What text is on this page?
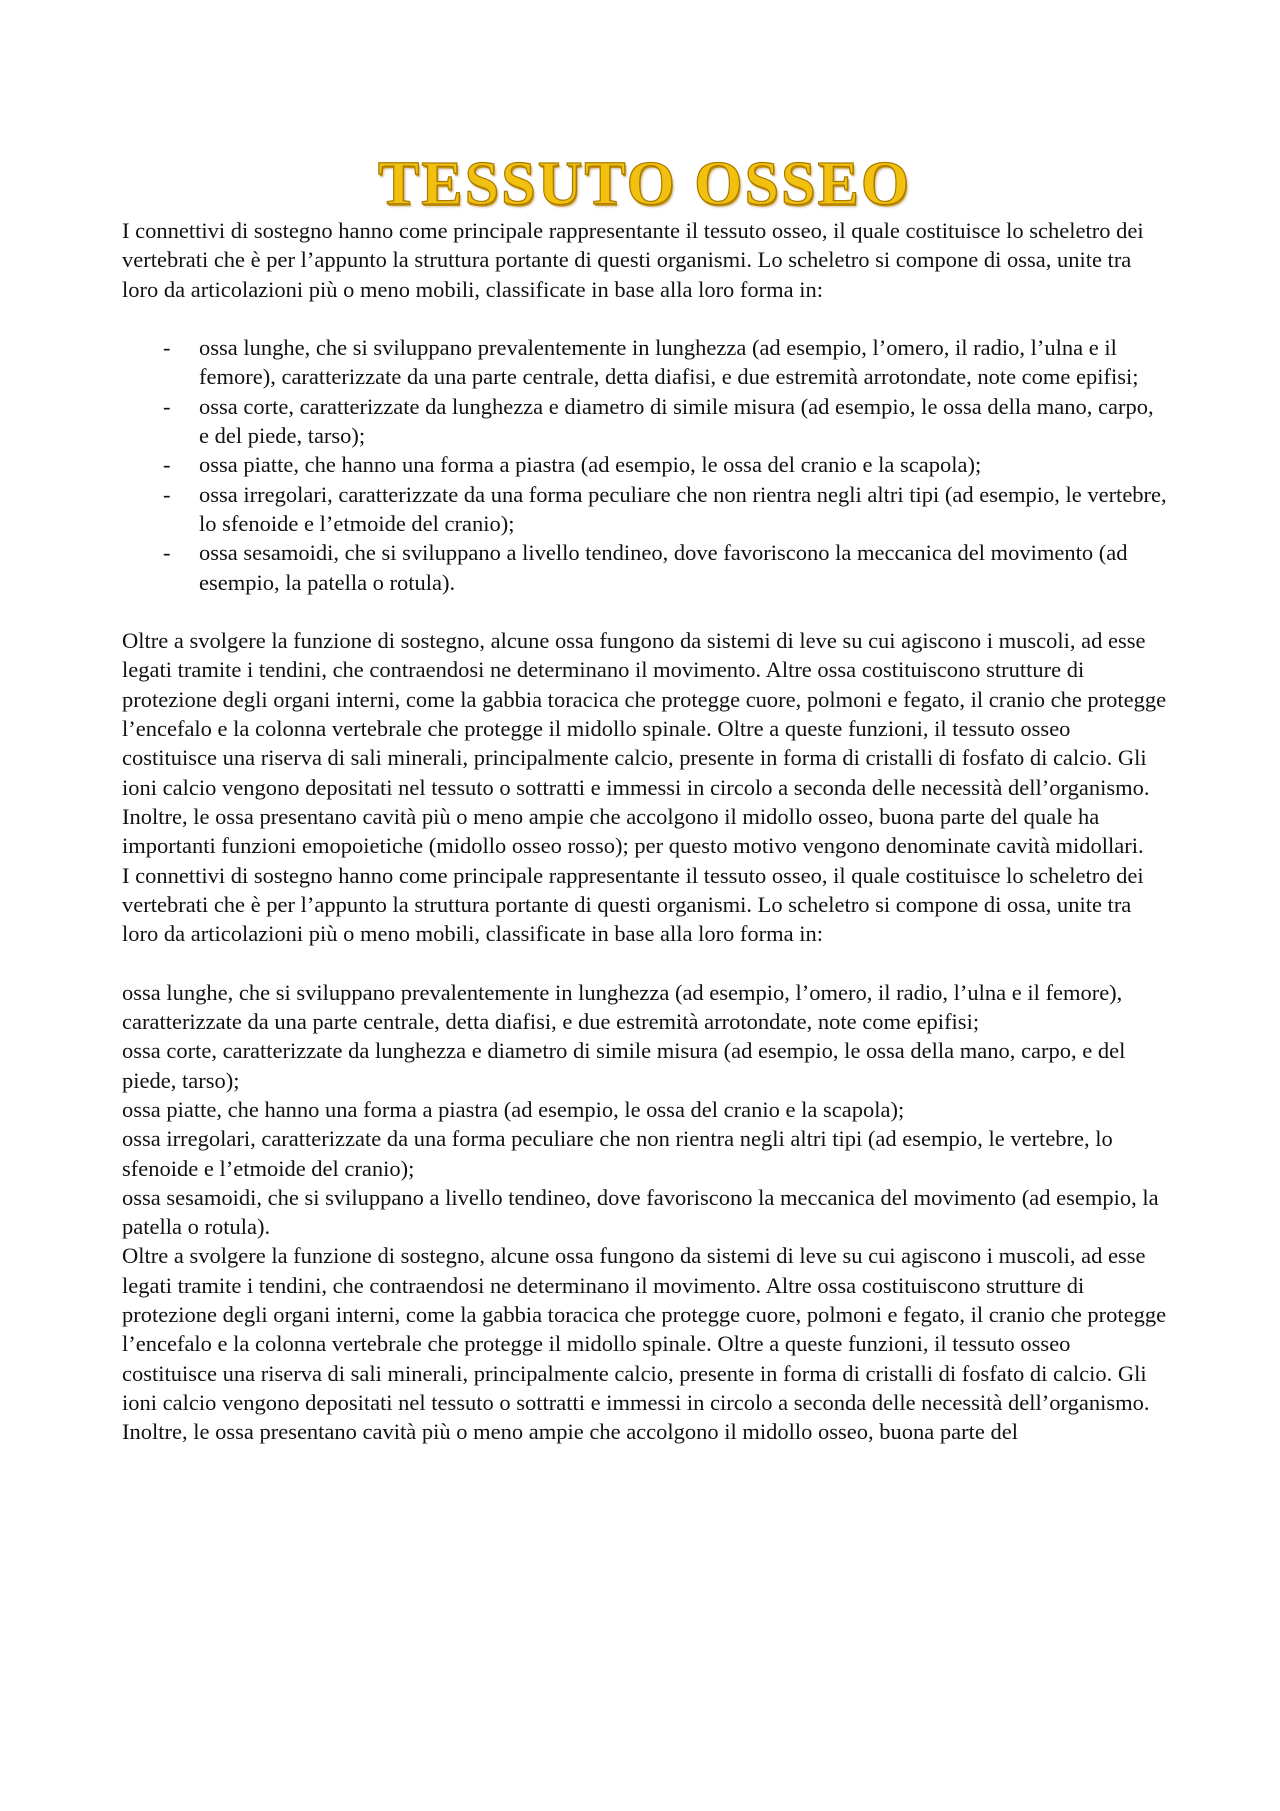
TESSUTO OSSEO

I connettivi di sostegno hanno come principale rappresentante il tessuto osseo, il quale costituisce lo scheletro dei vertebrati che è per l’appunto la struttura portante di questi organismi. Lo scheletro si compone di ossa, unite tra loro da articolazioni più o meno mobili, classificate in base alla loro forma in:

- ossa lunghe, che si sviluppano prevalentemente in lunghezza (ad esempio, l’omero, il radio, l’ulna e il femore), caratterizzate da una parte centrale, detta diafisi, e due estremità arrotondate, note come epifisi;
- ossa corte, caratterizzate da lunghezza e diametro di simile misura (ad esempio, le ossa della mano, carpo, e del piede, tarso);
- ossa piatte, che hanno una forma a piastra (ad esempio, le ossa del cranio e la scapola);
- ossa irregolari, caratterizzate da una forma peculiare che non rientra negli altri tipi (ad esempio, le vertebre, lo sfenoide e l’etmoide del cranio);
- ossa sesamoidi, che si sviluppano a livello tendineo, dove favoriscono la meccanica del movimento (ad esempio, la patella o rotula).

Oltre a svolgere la funzione di sostegno, alcune ossa fungono da sistemi di leve su cui agiscono i muscoli, ad esse legati tramite i tendini, che contraendosi ne determinano il movimento. Altre ossa costituiscono strutture di protezione degli organi interni, come la gabbia toracica che protegge cuore, polmoni e fegato, il cranio che protegge l’encefalo e la colonna vertebrale che protegge il midollo spinale. Oltre a queste funzioni, il tessuto osseo costituisce una riserva di sali minerali, principalmente calcio, presente in forma di cristalli di fosfato di calcio. Gli ioni calcio vengono depositati nel tessuto o sottratti e immessi in circolo a seconda delle necessità dell’organismo. Inoltre, le ossa presentano cavità più o meno ampie che accolgono il midollo osseo, buona parte del quale ha importanti funzioni emopoietiche (midollo osseo rosso); per questo motivo vengono denominate cavità midollari.

I connettivi di sostegno hanno come principale rappresentante il tessuto osseo, il quale costituisce lo scheletro dei vertebrati che è per l’appunto la struttura portante di questi organismi. Lo scheletro si compone di ossa, unite tra loro da articolazioni più o meno mobili, classificate in base alla loro forma in:

ossa lunghe, che si sviluppano prevalentemente in lunghezza (ad esempio, l’omero, il radio, l’ulna e il femore), caratterizzate da una parte centrale, detta diafisi, e due estremità arrotondate, note come epifisi;

ossa corte, caratterizzate da lunghezza e diametro di simile misura (ad esempio, le ossa della mano, carpo, e del piede, tarso);

ossa piatte, che hanno una forma a piastra (ad esempio, le ossa del cranio e la scapola);

ossa irregolari, caratterizzate da una forma peculiare che non rientra negli altri tipi (ad esempio, le vertebre, lo sfenoide e l’etmoide del cranio);

ossa sesamoidi, che si sviluppano a livello tendineo, dove favoriscono la meccanica del movimento (ad esempio, la patella o rotula).

Oltre a svolgere la funzione di sostegno, alcune ossa fungono da sistemi di leve su cui agiscono i muscoli, ad esse legati tramite i tendini, che contraendosi ne determinano il movimento. Altre ossa costituiscono strutture di protezione degli organi interni, come la gabbia toracica che protegge cuore, polmoni e fegato, il cranio che protegge l’encefalo e la colonna vertebrale che protegge il midollo spinale. Oltre a queste funzioni, il tessuto osseo costituisce una riserva di sali minerali, principalmente calcio, presente in forma di cristalli di fosfato di calcio. Gli ioni calcio vengono depositati nel tessuto o sottratti e immessi in circolo a seconda delle necessità dell’organismo. Inoltre, le ossa presentano cavità più o meno ampie che accolgono il midollo osseo, buona parte del
